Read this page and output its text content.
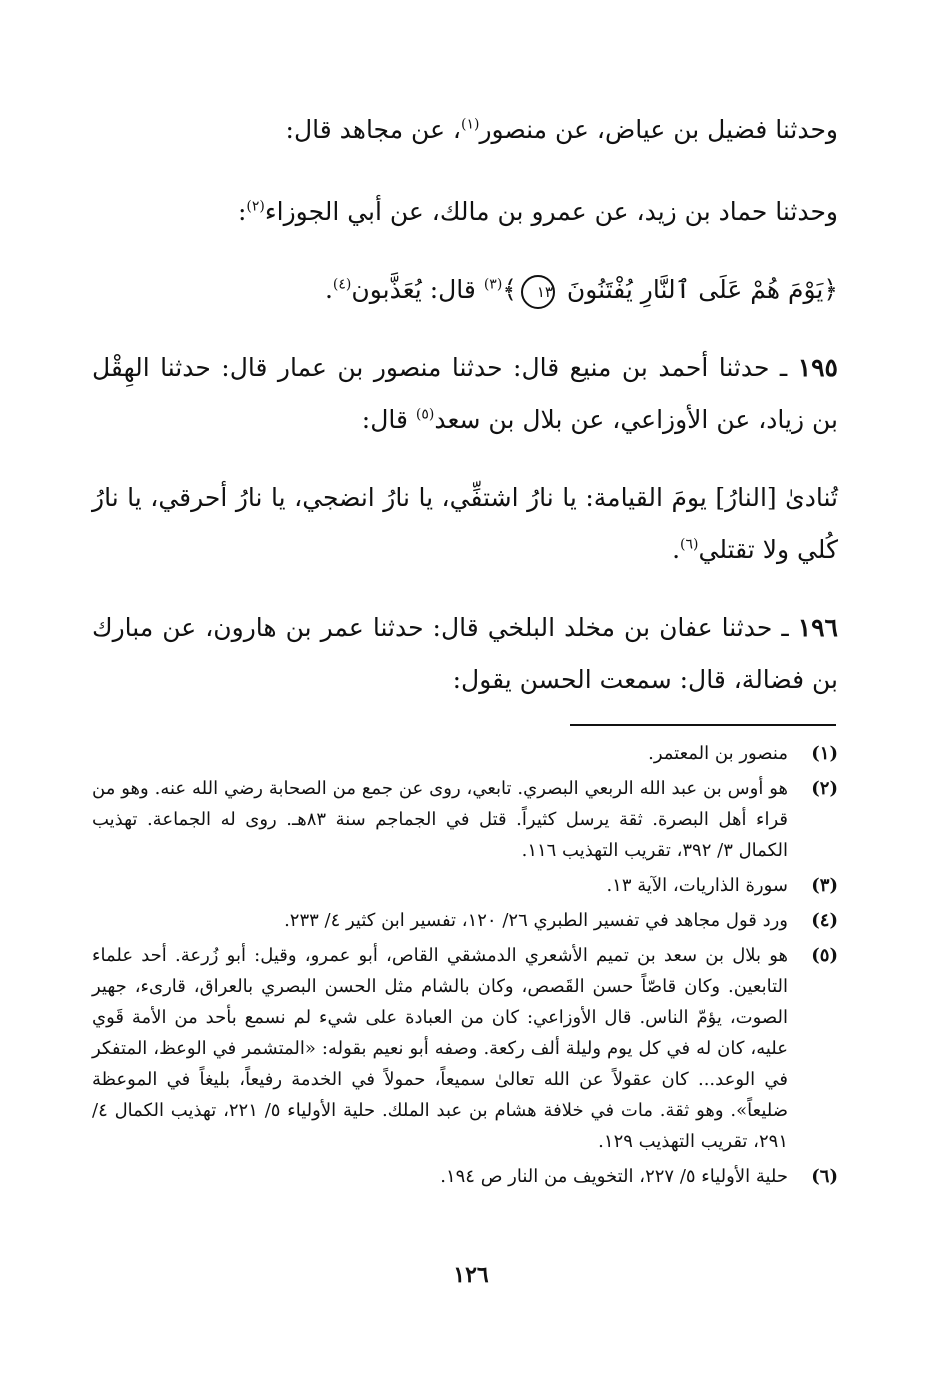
وحدثنا فضيل بن عياض، عن منصور$^{(١)}$، عن مجاهد قال:

وحدثنا حماد بن زيد، عن عمرو بن مالك، عن أبي الجوزاء$^{(٢)}$:

﴿يَوْمَ هُمْ عَلَى ٱلنَّارِ يُفْتَنُونَ ١٣﴾$^{(٣)}$ قال: يُعَذَّبون$^{(٤)}$.

١٩٥ ـ حدثنا أحمد بن منيع قال: حدثنا منصور بن عمار قال: حدثنا الهِقْل بن زياد، عن الأوزاعي، عن بلال بن سعد$^{(٥)}$ قال:

تُنادىٰ [النارُ] يومَ القيامة: يا نارُ اشتفِّي، يا نارُ انضجي، يا نارُ أحرقي، يا نارُ كُلي ولا تقتلي$^{(٦)}$.

١٩٦ ـ حدثنا عفان بن مخلد البلخي قال: حدثنا عمر بن هارون، عن مبارك بن فضالة، قال: سمعت الحسن يقول:

(١)
منصور بن المعتمر.
(٢)
هو أوس بن عبد الله الربعي البصري. تابعي، روى عن جمع من الصحابة رضي الله عنه. وهو من قراء أهل البصرة. ثقة يرسل كثيراً. قتل في الجماجم سنة ٨٣هـ. روى له الجماعة. تهذيب الكمال ٣/ ٣٩٢، تقريب التهذيب ١١٦.
(٣)
سورة الذاريات، الآية ١٣.
(٤)
ورد قول مجاهد في تفسير الطبري ٢٦/ ١٢٠، تفسير ابن كثير ٤/ ٢٣٣.
(٥)
هو بلال بن سعد بن تميم الأشعري الدمشقي القاص، أبو عمرو، وقيل: أبو زُرعة. أحد علماء التابعين. وكان قاصّاً حسن القَصص، وكان بالشام مثل الحسن البصري بالعراق، قارىء، جهير الصوت، يؤمّ الناس. قال الأوزاعي: كان من العبادة على شيء لم نسمع بأحد من الأمة قَوي عليه، كان له في كل يوم وليلة ألف ركعة. وصفه أبو نعيم بقوله: «المتشمر في الوعظ، المتفكر في الوعد... كان عقولاً عن الله تعالىٰ سميعاً، حمولاً في الخدمة رفيعاً، بليغاً في الموعظة ضليعاً». وهو ثقة. مات في خلافة هشام بن عبد الملك. حلية الأولياء ٥/ ٢٢١، تهذيب الكمال ٤/ ٢٩١، تقريب التهذيب ١٢٩.
(٦)
حلية الأولياء ٥/ ٢٢٧، التخويف من النار ص ١٩٤.
١٢٦
